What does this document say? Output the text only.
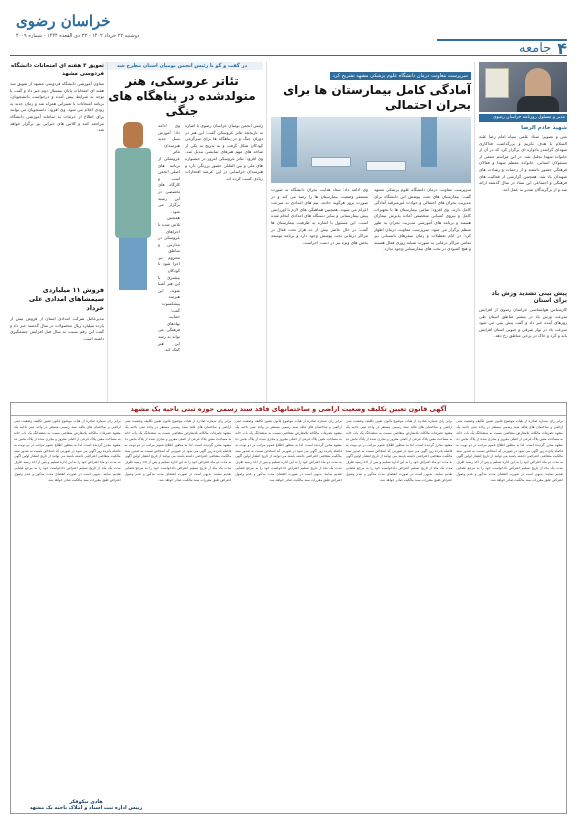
خراسان رضوی
دوشنبه ۲۲ خرداد ۱۴۰۲ - ۲۲ ذی القعده ۱۴۴۴ - شماره ۴۰۰۹
۴
جامعه
مدیر و مسئول روزنامه خراسان رضوی
شهید خادم الرضا
متن و تصویر: ستاد علمی سپاه امام رضا علیه السلام با هدف تکریم و بزرگداشت فداکاری شهدای گرانقدر یادواره ای برگزار کرد که در آن از خانواده شهدا تجلیل شد. در این مراسم جمعی از مسئولان استانی، خانواده معظم شهدا و فعالان فرهنگی حضور داشتند و از زحمات و رشادت های شهیدان یاد شد. همچنین گزارشی از فعالیت های فرهنگی و اجتماعی این ستاد در سال گذشته ارائه شد و از برگزیدگان تقدیر به عمل آمد.
پیش بینی تشدید وزش باد برای استان
کارشناس هواشناسی خراسان رضوی از افزایش سرعت وزش باد در بیشتر مناطق استان طی روزهای آینده خبر داد و گفت پیش بینی می شود سرعت باد در نوار شرقی و جنوبی استان افزایش یابد و گرد و خاک در برخی مناطق رخ دهد.
سرپرست معاونت درمان دانشگاه علوم پزشکی مشهد تشریح کرد
آمادگی کامل بیمارستان ها برای بحران احتمالی
سرپرست معاونت درمان دانشگاه علوم پزشکی مشهد گفت: بیمارستان های تحت پوشش این دانشگاه برای مدیریت بحران های احتمالی و حوادث غیرمترقبه آمادگی کامل دارند. وی افزود: تمامی بیمارستان ها با تجهیزات کامل و نیروی انسانی متخصص آماده پذیرش بیماران هستند و برنامه های آموزشی مدیریت بحران به طور منظم برگزار می شود. سرپرست معاونت درمان اظهار کرد: در ایام تعطیلات و زمان سفرهای تابستانی نیز تمامی مراکز درمانی به صورت شبانه روزی فعال هستند و هیچ کمبودی در تخت های بیمارستانی وجود ندارد.
وی ادامه داد: ستاد هدایت بحران دانشگاه به صورت مستمر وضعیت بیمارستان ها را رصد می کند و در صورت بروز هرگونه حادثه، تیم های امدادی به سرعت اعزام می شوند. همچنین هماهنگی های لازم با اورژانس پیش بیمارستانی و سایر دستگاه های امدادی انجام شده است. این مسئول با اشاره به ظرفیت بیمارستان ها گفت: در حال حاضر بیش از ده هزار تخت فعال در مراکز درمانی تحت پوشش وجود دارد و برنامه توسعه بخش های ویژه نیز در دست اجراست.
در گفت و گو با رئیس انجمن بومیان استان مطرح شد
تئاتر عروسکی، هنر متولدشده در پناهگاه های جنگی
رئیس انجمن بومیان خراسان رضوی با اشاره به تاریخچه تئاتر عروسکی گفت: این هنر در دوران جنگ و در پناهگاه ها برای سرگرمی کودکان شکل گرفت و به تدریج به یکی از شاخه های مهم هنرهای نمایشی تبدیل شد. وی افزود: تئاتر عروسکی امروز در جشنواره های ملی و بین المللی حضور پررنگی دارد و هنرمندان خراسانی در این عرصه افتخارات زیادی کسب کرده اند.
وی ادامه داد: آموزش نسل جدید هنرمندان تئاتر عروسکی از برنامه های اصلی انجمن است و کارگاه های تخصصی در این زمینه برگزار می شود. همچنین تلاش شده تا اجراهای عروسکی در مدارس و مناطق محروم نیز اجرا شود تا کودکان بیشتری با این هنر آشنا شوند. این هنرمند پیشکسوت گفت: حمایت نهادهای فرهنگی می تواند به رشد این هنر کمک کند.
تعویق ۳ هفته ای امتحانات دانشگاه فردوسی مشهد
معاون آموزشی دانشگاه فردوسی مشهد از تعویق سه هفته ای امتحانات پایان نیمسال دوم خبر داد و گفت با توجه به شرایط پیش آمده و درخواست دانشجویان، برنامه امتحانات با تغییراتی همراه شد و زمان جدید به زودی اعلام می شود. وی افزود: دانشجویان می توانند برای اطلاع از جزئیات به سامانه آموزشی دانشگاه مراجعه کنند و کلاس های جبرانی نیز برگزار خواهد شد.
فروش ۱۱ میلیاردی سیمشاهای امدادی علی خرداد
مدیرعامل شرکت امدادی استان از فروش بیش از یازده میلیارد ریال محصولات در سال گذشته خبر داد و گفت این رقم نسبت به سال قبل افزایش چشمگیری داشته است.
آگهی قانون تعیین تکلیف وضعیت اراضی و ساختمانهای فاقد سند رسمی حوزه ثبتی ناحیه یک مشهد
برابر رای شماره صادره از هیات موضوع قانون تعیین تکلیف وضعیت ثبتی اراضی و ساختمان های فاقد سند رسمی مستقر در واحد ثبتی ناحیه یک مشهد تصرفات مالکانه بلامعارض متقاضی نسبت به ششدانگ یک باب خانه به مساحت معین پلاک فرعی از اصلی مفروز و مجزی شده از پلاک بخش ده مشهد محرز گردیده است. لذا به منظور اطلاع عموم مراتب در دو نوبت به فاصله پانزده روز آگهی می شود در صورتی که اشخاص نسبت به صدور سند مالکیت متقاضی اعتراضی داشته باشند می توانند از تاریخ انتشار اولین آگهی به مدت دو ماه اعتراض خود را به این اداره تسلیم و پس از اخذ رسید ظرف مدت یک ماه از تاریخ تسلیم اعتراض دادخواست خود را به مرجع قضایی تقدیم نمایند. بدیهی است در صورت انقضای مدت مذکور و عدم وصول اعتراض طبق مقررات سند مالکیت صادر خواهد شد.
برابر رای شماره صادره از هیات موضوع قانون تعیین تکلیف وضعیت ثبتی اراضی و ساختمان های فاقد سند رسمی مستقر در واحد ثبتی ناحیه یک مشهد تصرفات مالکانه بلامعارض متقاضی نسبت به ششدانگ یک باب خانه به مساحت معین پلاک فرعی از اصلی مفروز و مجزی شده از پلاک بخش ده مشهد محرز گردیده است. لذا به منظور اطلاع عموم مراتب در دو نوبت به فاصله پانزده روز آگهی می شود در صورتی که اشخاص نسبت به صدور سند مالکیت متقاضی اعتراضی داشته باشند می توانند از تاریخ انتشار اولین آگهی به مدت دو ماه اعتراض خود را به این اداره تسلیم و پس از اخذ رسید ظرف مدت یک ماه از تاریخ تسلیم اعتراض دادخواست خود را به مرجع قضایی تقدیم نمایند. بدیهی است در صورت انقضای مدت مذکور و عدم وصول اعتراض طبق مقررات سند مالکیت صادر خواهد شد.
برابر رای شماره صادره از هیات موضوع قانون تعیین تکلیف وضعیت ثبتی اراضی و ساختمان های فاقد سند رسمی مستقر در واحد ثبتی ناحیه یک مشهد تصرفات مالکانه بلامعارض متقاضی نسبت به ششدانگ یک باب خانه به مساحت معین پلاک فرعی از اصلی مفروز و مجزی شده از پلاک بخش ده مشهد محرز گردیده است. لذا به منظور اطلاع عموم مراتب در دو نوبت به فاصله پانزده روز آگهی می شود در صورتی که اشخاص نسبت به صدور سند مالکیت متقاضی اعتراضی داشته باشند می توانند از تاریخ انتشار اولین آگهی به مدت دو ماه اعتراض خود را به این اداره تسلیم و پس از اخذ رسید ظرف مدت یک ماه از تاریخ تسلیم اعتراض دادخواست خود را به مرجع قضایی تقدیم نمایند. بدیهی است در صورت انقضای مدت مذکور و عدم وصول اعتراض طبق مقررات سند مالکیت صادر خواهد شد.
برابر رای شماره صادره از هیات موضوع قانون تعیین تکلیف وضعیت ثبتی اراضی و ساختمان های فاقد سند رسمی مستقر در واحد ثبتی ناحیه یک مشهد تصرفات مالکانه بلامعارض متقاضی نسبت به ششدانگ یک باب خانه به مساحت معین پلاک فرعی از اصلی مفروز و مجزی شده از پلاک بخش ده مشهد محرز گردیده است. لذا به منظور اطلاع عموم مراتب در دو نوبت به فاصله پانزده روز آگهی می شود در صورتی که اشخاص نسبت به صدور سند مالکیت متقاضی اعتراضی داشته باشند می توانند از تاریخ انتشار اولین آگهی به مدت دو ماه اعتراض خود را به این اداره تسلیم و پس از اخذ رسید ظرف مدت یک ماه از تاریخ تسلیم اعتراض دادخواست خود را به مرجع قضایی تقدیم نمایند. بدیهی است در صورت انقضای مدت مذکور و عدم وصول اعتراض طبق مقررات سند مالکیت صادر خواهد شد.
برابر رای شماره صادره از هیات موضوع قانون تعیین تکلیف وضعیت ثبتی اراضی و ساختمان های فاقد سند رسمی مستقر در واحد ثبتی ناحیه یک مشهد تصرفات مالکانه بلامعارض متقاضی نسبت به ششدانگ یک باب خانه به مساحت معین پلاک فرعی از اصلی مفروز و مجزی شده از پلاک بخش ده مشهد محرز گردیده است. لذا به منظور اطلاع عموم مراتب در دو نوبت به فاصله پانزده روز آگهی می شود در صورتی که اشخاص نسبت به صدور سند مالکیت متقاضی اعتراضی داشته باشند می توانند از تاریخ انتشار اولین آگهی به مدت دو ماه اعتراض خود را به این اداره تسلیم و پس از اخذ رسید ظرف مدت یک ماه از تاریخ تسلیم اعتراض دادخواست خود را به مرجع قضایی تقدیم نمایند. بدیهی است در صورت انقضای مدت مذکور و عدم وصول اعتراض طبق مقررات سند مالکیت صادر خواهد شد.
هادی نیکوفکر
رییس اداره ثبت اسناد و املاک ناحیه یک مشهد
